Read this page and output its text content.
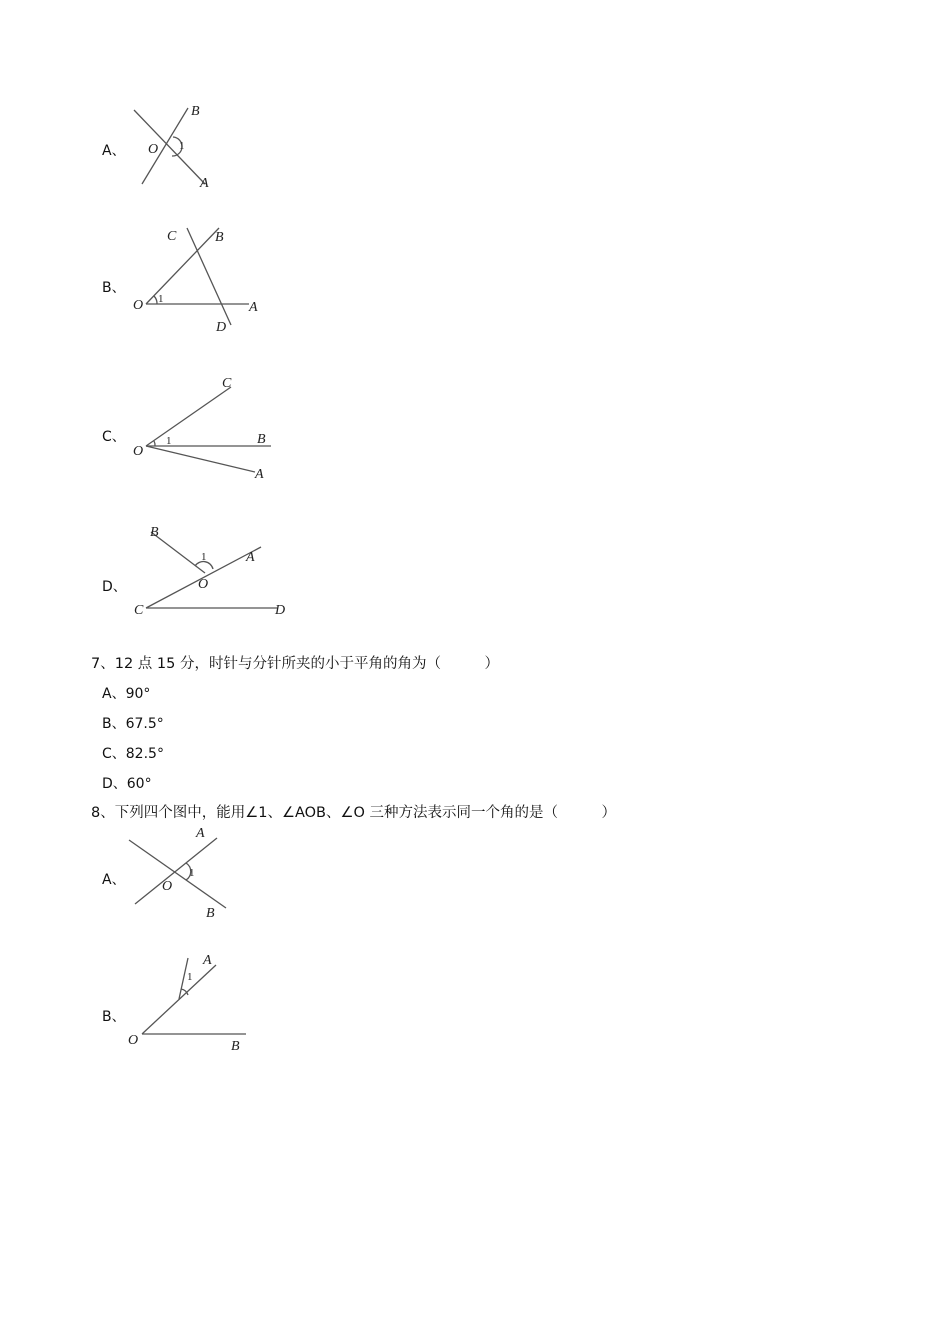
A、 O
B
A
1
B、
C	B
O 1
A
D
C、
C
O
1	B
A
D、
B
1	A
O
C	D
7、12 点 15 分，时针与分针所夹的小于平角的角为（　　　）
A、90°
B、67.5°
C、82.5°
D、60°
8、下列四个图中，能用∠1、∠AOB、∠O 三种方法表示同一个角的是（　　　）
A、
A
1
O
B
B、
A
1
O	B
